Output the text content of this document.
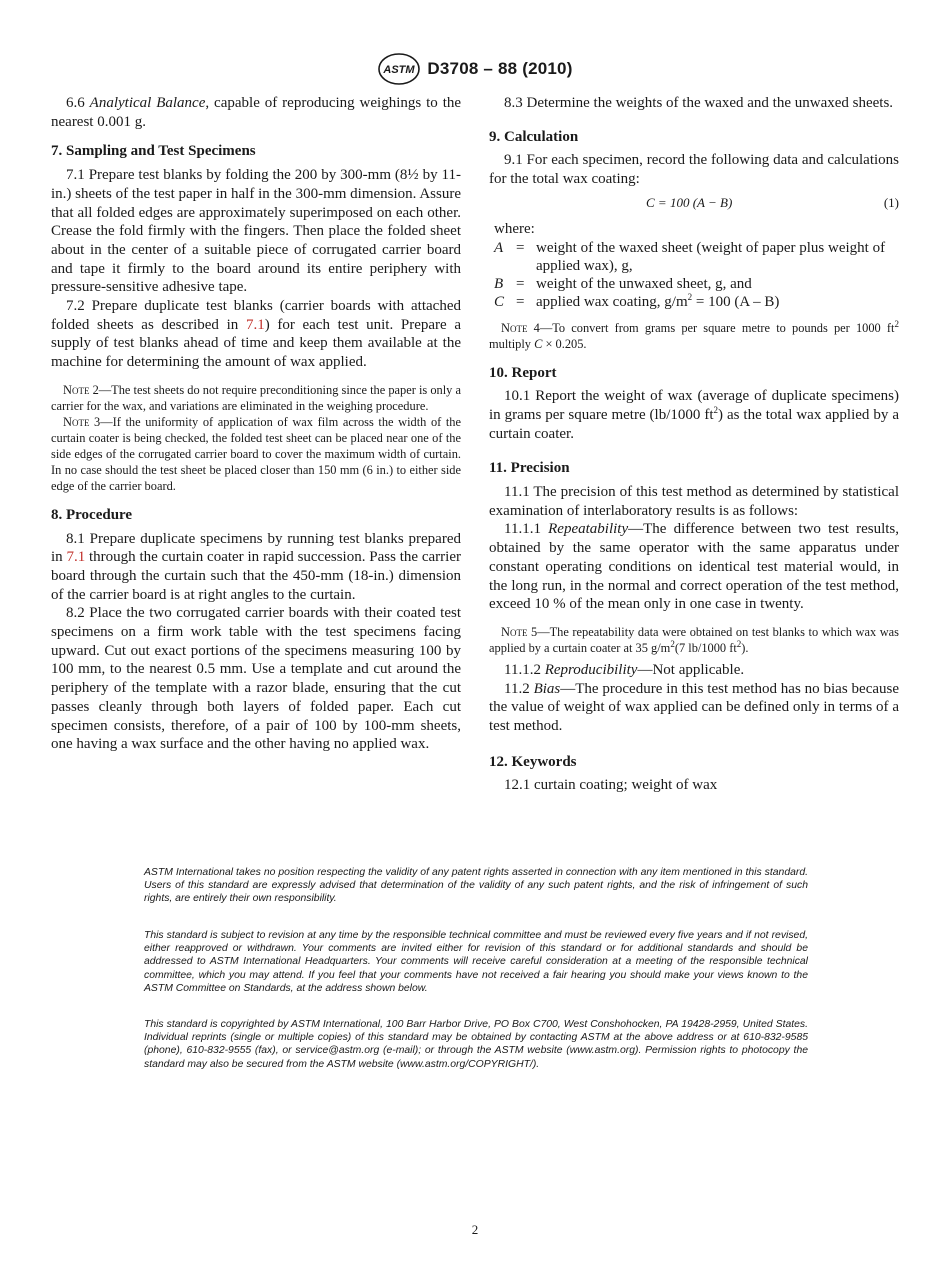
ASTM D3708 – 88 (2010)

6.6 Analytical Balance, capable of reproducing weighings to the nearest 0.001 g.

7. Sampling and Test Specimens

7.1 Prepare test blanks by folding the 200 by 300-mm (8½ by 11-in.) sheets of the test paper in half in the 300-mm dimension. Assure that all folded edges are approximately superimposed on each other. Crease the fold firmly with the fingers. Then place the folded sheet about in the center of a suitable piece of corrugated carrier board and tape it firmly to the board around its entire periphery with pressure-sensitive adhesive tape.

7.2 Prepare duplicate test blanks (carrier boards with attached folded sheets as described in 7.1) for each test unit. Prepare a supply of test blanks ahead of time and keep them available at the machine for determining the amount of wax applied.

Note 2—The test sheets do not require preconditioning since the paper is only a carrier for the wax, and variations are eliminated in the weighing procedure.

Note 3—If the uniformity of application of wax film across the width of the curtain coater is being checked, the folded test sheet can be placed near one of the side edges of the corrugated carrier board to cover the maximum width of curtain. In no case should the test sheet be placed closer than 150 mm (6 in.) to either side edge of the carrier board.

8. Procedure

8.1 Prepare duplicate specimens by running test blanks prepared in 7.1 through the curtain coater in rapid succession. Pass the carrier board through the curtain such that the 450-mm (18-in.) dimension of the carrier board is at right angles to the curtain.

8.2 Place the two corrugated carrier boards with their coated test specimens on a firm work table with the test specimens facing upward. Cut out exact portions of the specimens measuring 100 by 100 mm, to the nearest 0.5 mm. Use a template and cut around the periphery of the template with a razor blade, ensuring that the cut passes cleanly through both layers of folded paper. Each cut specimen consists, therefore, of a pair of 100 by 100-mm sheets, one having a wax surface and the other having no applied wax.

8.3 Determine the weights of the waxed and the unwaxed sheets.

9. Calculation

9.1 For each specimen, record the following data and calculations for the total wax coating:

C = 100 (A − B)	(1)

where:

A	=	weight of the waxed sheet (weight of paper plus weight of applied wax), g,
B	=	weight of the unwaxed sheet, g, and
C	=	applied wax coating, $g/m^2 = 100$ (A – B)

Note 4—To convert from grams per square metre to pounds per 1000 $ft^2$ multiply C × 0.205.

10. Report

10.1 Report the weight of wax (average of duplicate specimens) in grams per square metre (lb/1000 $ft^2$) as the total wax applied by a curtain coater.

11. Precision

11.1 The precision of this test method as determined by statistical examination of interlaboratory results is as follows:

11.1.1 Repeatability—The difference between two test results, obtained by the same operator with the same apparatus under constant operating conditions on identical test material would, in the long run, in the normal and correct operation of the test method, exceed 10 % of the mean only in one case in twenty.

Note 5—The repeatability data were obtained on test blanks to which wax was applied by a curtain coater at 35 $g/m^2(7$ lb/1000 $ft^2$).

11.1.2 Reproducibility—Not applicable.

11.2 Bias—The procedure in this test method has no bias because the value of weight of wax applied can be defined only in terms of a test method.

12. Keywords

12.1 curtain coating; weight of wax

ASTM International takes no position respecting the validity of any patent rights asserted in connection with any item mentioned in this standard. Users of this standard are expressly advised that determination of the validity of any such patent rights, and the risk of infringement of such rights, are entirely their own responsibility.

This standard is subject to revision at any time by the responsible technical committee and must be reviewed every five years and if not revised, either reapproved or withdrawn. Your comments are invited either for revision of this standard or for additional standards and should be addressed to ASTM International Headquarters. Your comments will receive careful consideration at a meeting of the responsible technical committee, which you may attend. If you feel that your comments have not received a fair hearing you should make your views known to the ASTM Committee on Standards, at the address shown below.

This standard is copyrighted by ASTM International, 100 Barr Harbor Drive, PO Box C700, West Conshohocken, PA 19428-2959, United States. Individual reprints (single or multiple copies) of this standard may be obtained by contacting ASTM at the above address or at 610-832-9585 (phone), 610-832-9555 (fax), or service@astm.org (e-mail); or through the ASTM website (www.astm.org). Permission rights to photocopy the standard may also be secured from the ASTM website (www.astm.org/COPYRIGHT/).

2
